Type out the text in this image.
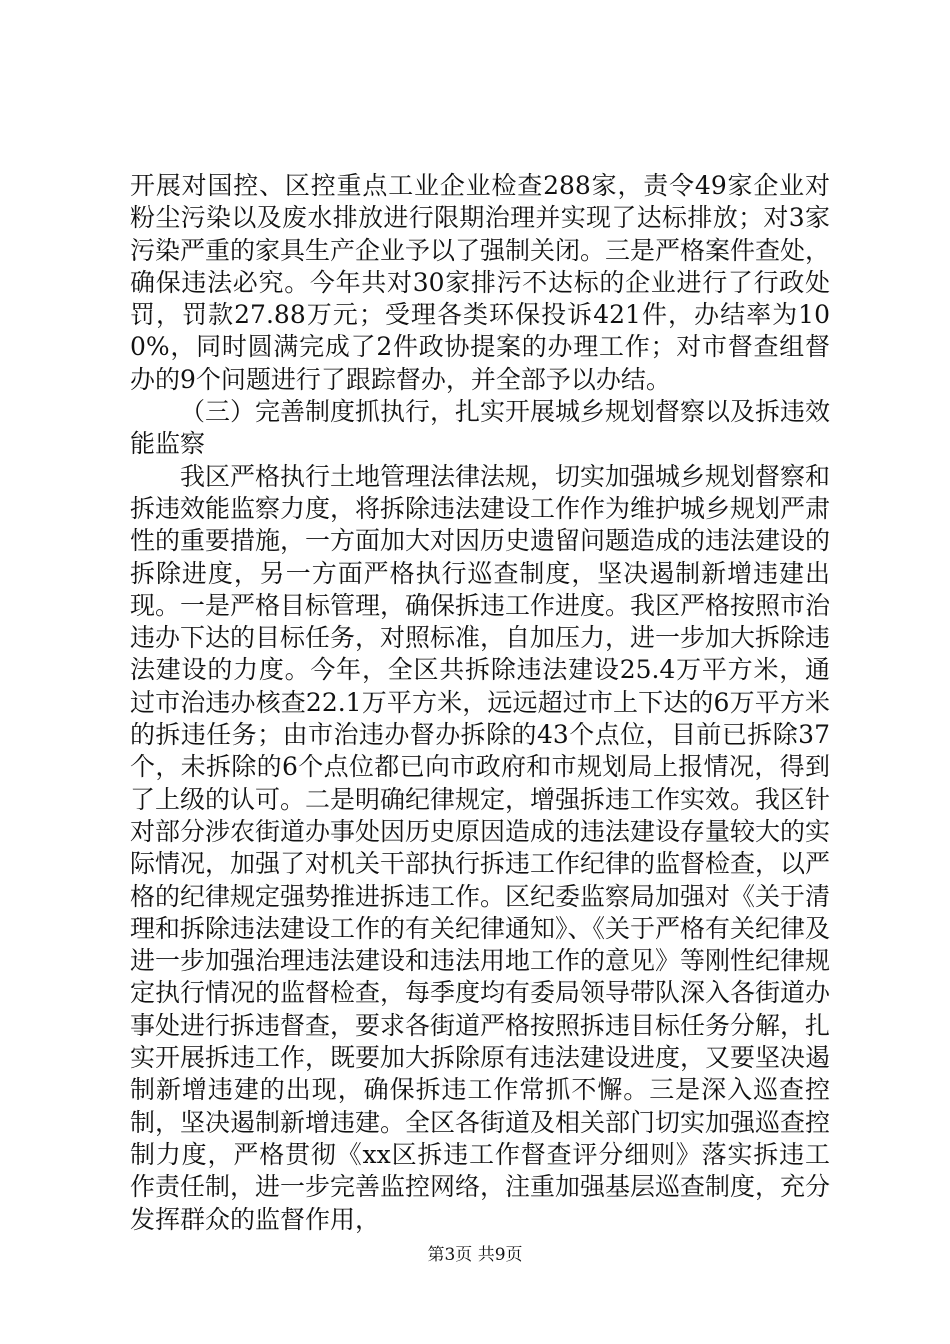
开展对国控、区控重点工业企业检查288家，责令49家企业对粉尘污染以及废水排放进行限期治理并实现了达标排放；对3家污染严重的家具生产企业予以了强制关闭。三是严格案件查处，确保违法必究。今年共对30家排污不达标的企业进行了行政处罚，罚款27.88万元；受理各类环保投诉421件，办结率为100%，同时圆满完成了2件政协提案的办理工作；对市督查组督办的9个问题进行了跟踪督办，并全部予以办结。

（三）完善制度抓执行，扎实开展城乡规划督察以及拆违效能监察

我区严格执行土地管理法律法规，切实加强城乡规划督察和拆违效能监察力度，将拆除违法建设工作作为维护城乡规划严肃性的重要措施，一方面加大对因历史遗留问题造成的违法建设的拆除进度，另一方面严格执行巡查制度，坚决遏制新增违建出现。一是严格目标管理，确保拆违工作进度。我区严格按照市治违办下达的目标任务，对照标准，自加压力，进一步加大拆除违法建设的力度。今年，全区共拆除违法建设25.4万平方米，通过市治违办核查22.1万平方米，远远超过市上下达的6万平方米的拆违任务；由市治违办督办拆除的43个点位，目前已拆除37个，未拆除的6个点位都已向市政府和市规划局上报情况，得到了上级的认可。二是明确纪律规定，增强拆违工作实效。我区针对部分涉农街道办事处因历史原因造成的违法建设存量较大的实际情况，加强了对机关干部执行拆违工作纪律的监督检查，以严格的纪律规定强势推进拆违工作。区纪委监察局加强对《关于清理和拆除违法建设工作的有关纪律通知》、《关于严格有关纪律及进一步加强治理违法建设和违法用地工作的意见》等刚性纪律规定执行情况的监督检查，每季度均有委局领导带队深入各街道办事处进行拆违督查，要求各街道严格按照拆违目标任务分解，扎实开展拆违工作，既要加大拆除原有违法建设进度，又要坚决遏制新增违建的出现，确保拆违工作常抓不懈。三是深入巡查控制，坚决遏制新增违建。全区各街道及相关部门切实加强巡查控制力度，严格贯彻《xx区拆违工作督查评分细则》落实拆违工作责任制，进一步完善监控网络，注重加强基层巡查制度，充分发挥群众的监督作用，

第3页 共9页
